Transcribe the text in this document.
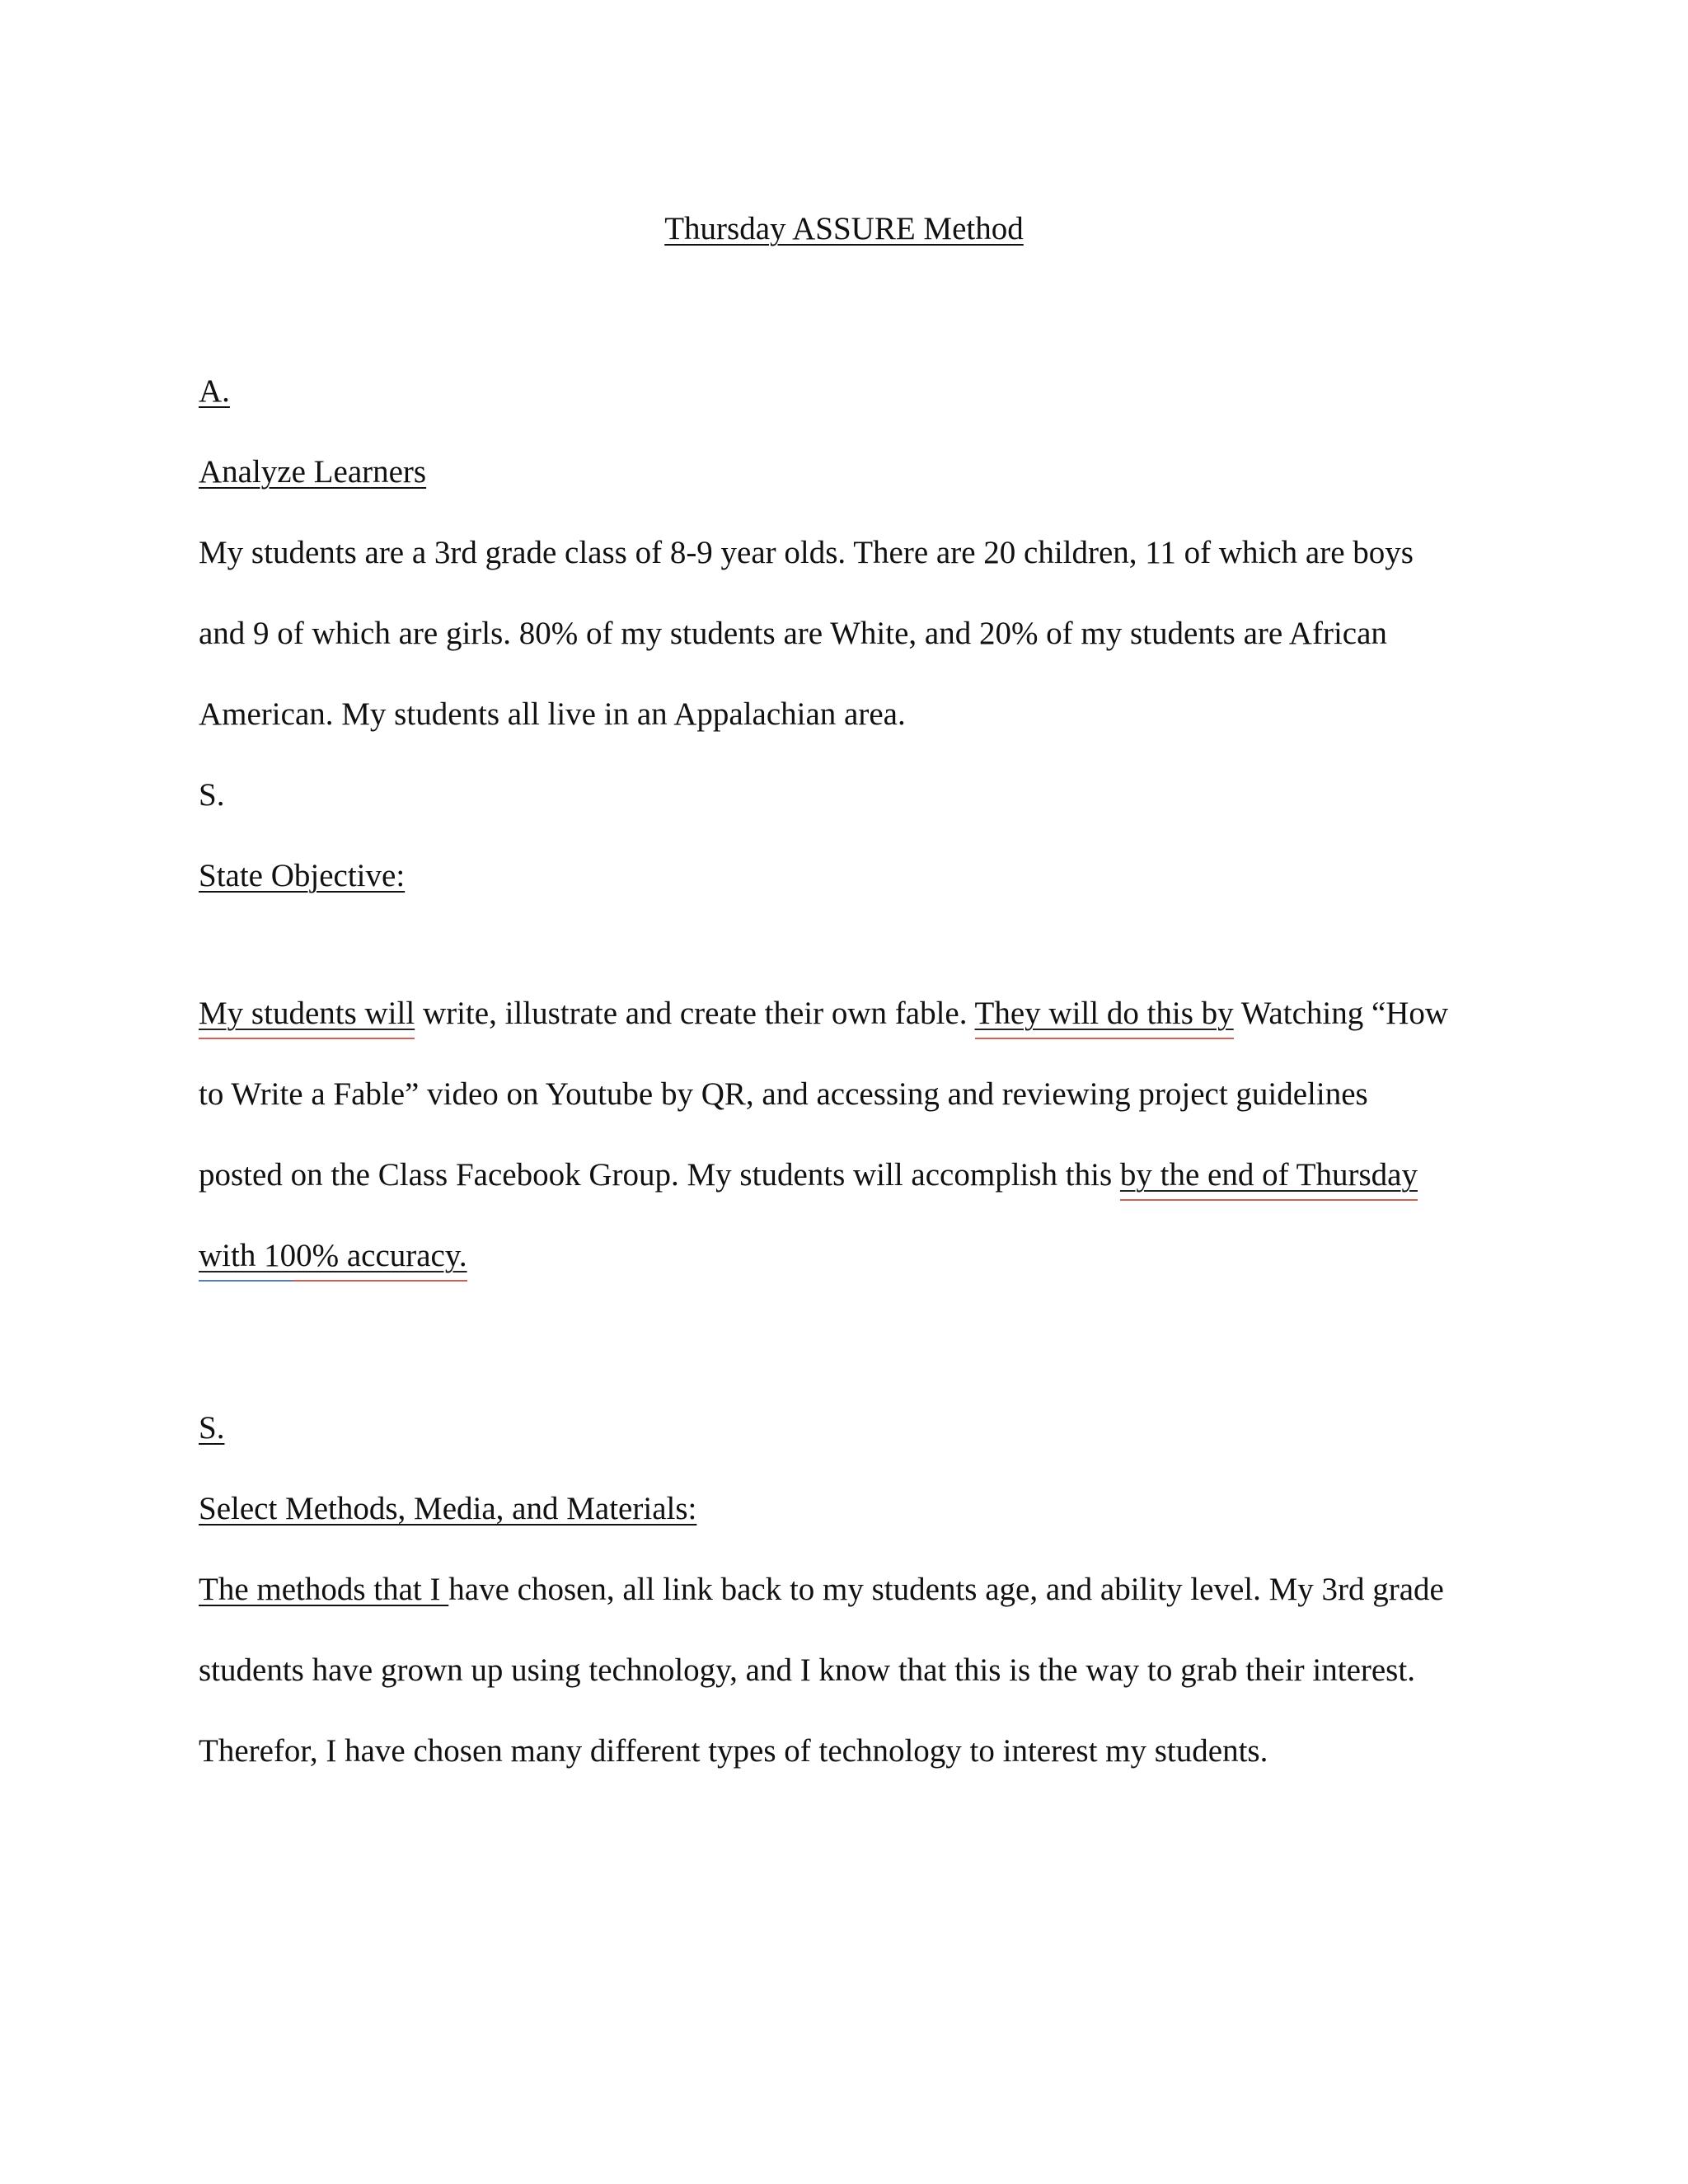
Thursday ASSURE Method
A.
Analyze Learners
My students are a 3rd grade class of 8-9 year olds. There are 20 children, 11 of which are boys
and 9 of which are girls. 80% of my students are White, and 20% of my students are African
American. My students all live in an Appalachian area.
S.
State Objective:
My students will write, illustrate and create their own fable. They will do this by Watching “How
to Write a Fable” video on Youtube by QR, and accessing and reviewing project guidelines
posted on the Class Facebook Group. My students will accomplish this by the end of Thursday
with 100% accuracy.
S.
Select Methods, Media, and Materials:
The methods that I have chosen, all link back to my students age, and ability level. My 3rd grade
students have grown up using technology, and I know that this is the way to grab their interest.
Therefor, I have chosen many different types of technology to interest my students.
